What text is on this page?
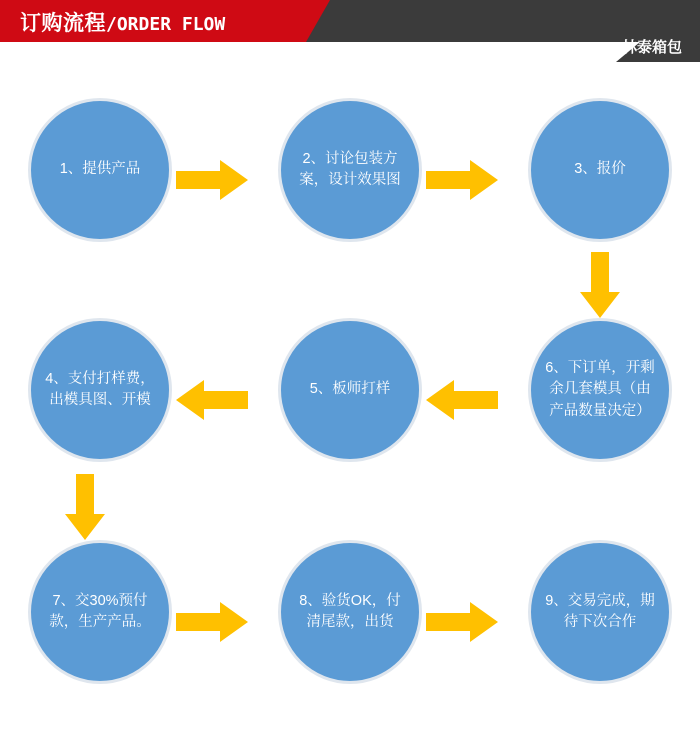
订购流程/ORDER FLOW
林泰箱包
1、提供产品
2、讨论包装方案，设计效果图
3、报价
6、下订单，开剩余几套模具（由产品数量决定）
5、板师打样
4、支付打样费，出模具图、开模
7、交30%预付款，生产产品。
8、验货OK，付清尾款，出货
9、交易完成，期待下次合作
